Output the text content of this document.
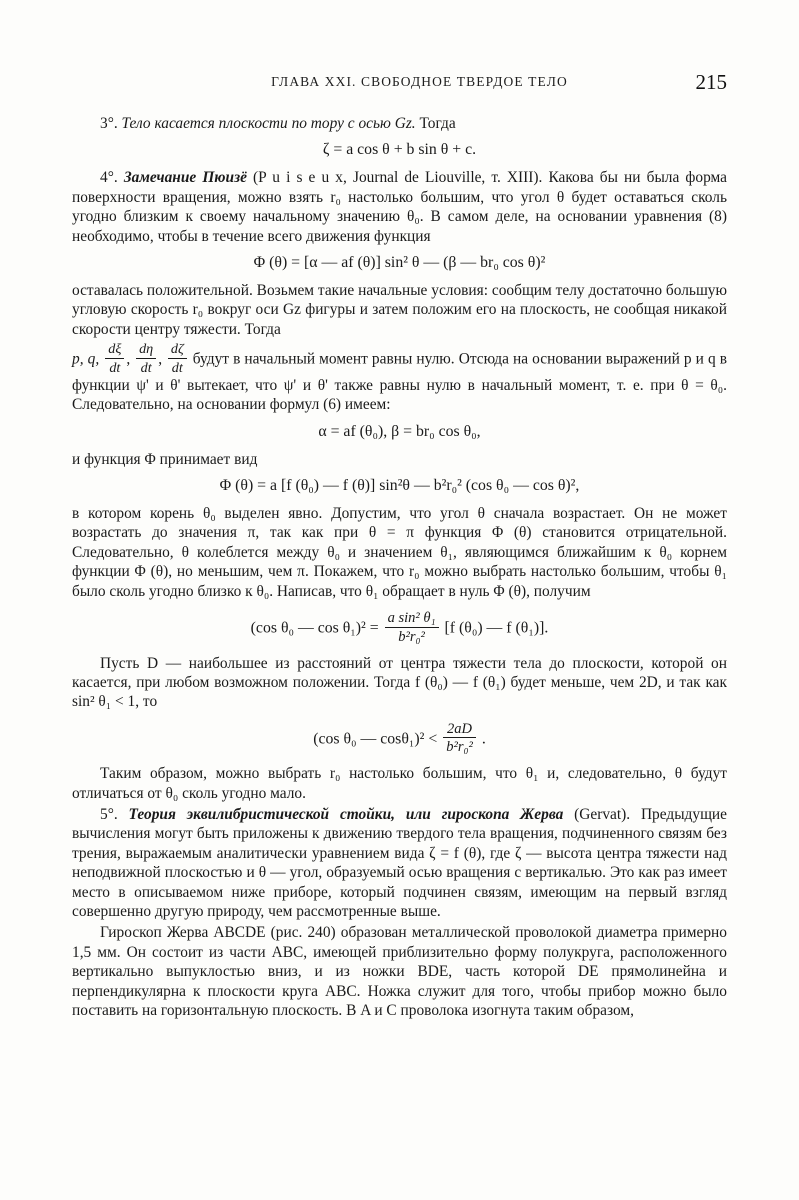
ГЛАВА XXI. СВОБОДНОЕ ТВЕРДОЕ ТЕЛО	215

3°. Тело касается плоскости по тору с осью Gz. Тогда

ζ = a cos θ + b sin θ + c.

4°. Замечание Пюизё (P u i s e u x, Journal de Liouville, т. XIII). Какова бы ни была форма поверхности вращения, можно взять r₀ настолько большим, что угол θ будет оставаться сколь угодно близким к своему начальному значению θ₀. В самом деле, на основании уравнения (8) необходимо, чтобы в течение всего движения функция

Φ (θ) = [α — af (θ)] sin² θ — (β — br₀ cos θ)²

оставалась положительной. Возьмем такие начальные условия: сообщим телу достаточно большую угловую скорость r₀ вокруг оси Gz фигуры и затем положим его на плоскость, не сообщая никакой скорости центру тяжести. Тогда

p, q, $\frac{d\xi}{dt}$ , $\frac{d\eta}{dt}$ , $\frac{d\zeta}{dt}$ будут в начальный момент равны нулю. Отсюда на основании выражений p и q в функции ψ' и θ' вытекает, что ψ' и θ' также равны нулю в начальный момент, т. е. при θ = θ₀. Следовательно, на основании формул (6) имеем:

α = af (θ₀), β = br₀ cos θ₀,

и функция Φ принимает вид

Φ (θ) = a [f (θ₀) — f (θ)] sin²θ — b²r₀² (cos θ₀ — cos θ)²,

в котором корень θ₀ выделен явно. Допустим, что угол θ сначала возрастает. Он не может возрастать до значения π, так как при θ = π функция Φ (θ) становится отрицательной. Следовательно, θ колеблется между θ₀ и значением θ₁, являющимся ближайшим к θ₀ корнем функции Φ (θ), но меньшим, чем π. Покажем, что r₀ можно выбрать настолько большим, чтобы θ₁ было сколь угодно близко к θ₀. Написав, что θ₁ обращает в нуль Φ (θ), получим

(cos θ₀ — $\cos \theta_1)^2 = \frac{\text{a sin² θ₁}}{\text{b²r₀²}} [f$ (θ₀) — f (θ₁)].

Пусть D — наибольшее из расстояний от центра тяжести тела до плоскости, которой он касается, при любом возможном положении. Тогда f (θ₀) — f (θ₁) будет меньше, чем 2D, и так как sin² θ₁ < 1, то

(cos θ₀ — $\cos\theta_1)^2 < \frac{2aD}{\text{b²r₀²}}$ .

Таким образом, можно выбрать r₀ настолько большим, что θ₁ и, следовательно, θ будут отличаться от θ₀ сколь угодно мало.

5°. Теория эквилибристической стойки, или гироскопа Жерва (Gervat). Предыдущие вычисления могут быть приложены к движению твердого тела вращения, подчиненного связям без трения, выражаемым аналитически уравнением вида ζ = f (θ), где ζ — высота центра тяжести над неподвижной плоскостью и θ — угол, образуемый осью вращения с вертикалью. Это как раз имеет место в описываемом ниже приборе, который подчинен связям, имеющим на первый взгляд совершенно другую природу, чем рассмотренные выше.

Гироскоп Жерва ABCDE (рис. 240) образован металлической проволокой диаметра примерно 1,5 мм. Он состоит из части ABC, имеющей приблизительно форму полукруга, расположенного вертикально выпуклостью вниз, и из ножки BDE, часть которой DE прямолинейна и перпендикулярна к плоскости круга ABC. Ножка служит для того, чтобы прибор можно было поставить на горизонтальную плоскость. В A и C проволока изогнута таким образом,
